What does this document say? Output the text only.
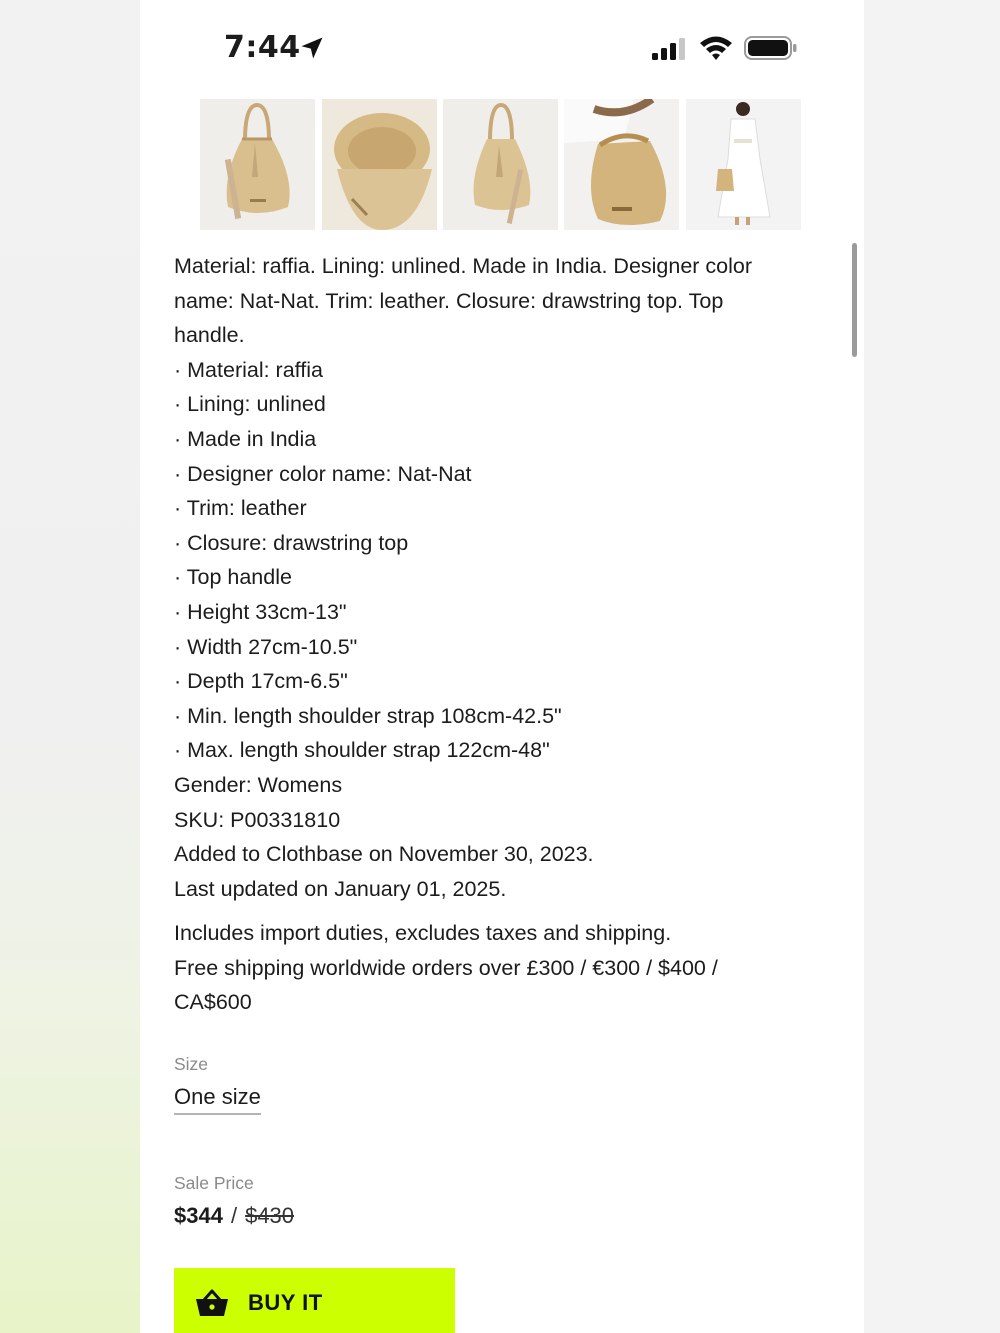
7:44

Material: raffia. Lining: unlined. Made in India. Designer color name: Nat-Nat. Trim: leather. Closure: drawstring top. Top handle.

· Material: raffia
· Lining: unlined
· Made in India
· Designer color name: Nat-Nat
· Trim: leather
· Closure: drawstring top
· Top handle
· Height 33cm-13"
· Width 27cm-10.5"
· Depth 17cm-6.5"
· Min. length shoulder strap 108cm-42.5"
· Max. length shoulder strap 122cm-48"

Gender: Womens

SKU: P00331810

Added to Clothbase on November 30, 2023.

Last updated on January 01, 2025.

Includes import duties, excludes taxes and shipping.

Free shipping worldwide orders over £300 / €300 / $400 / CA$600

Size
One size
Sale Price
$344 / $430
BUY IT
